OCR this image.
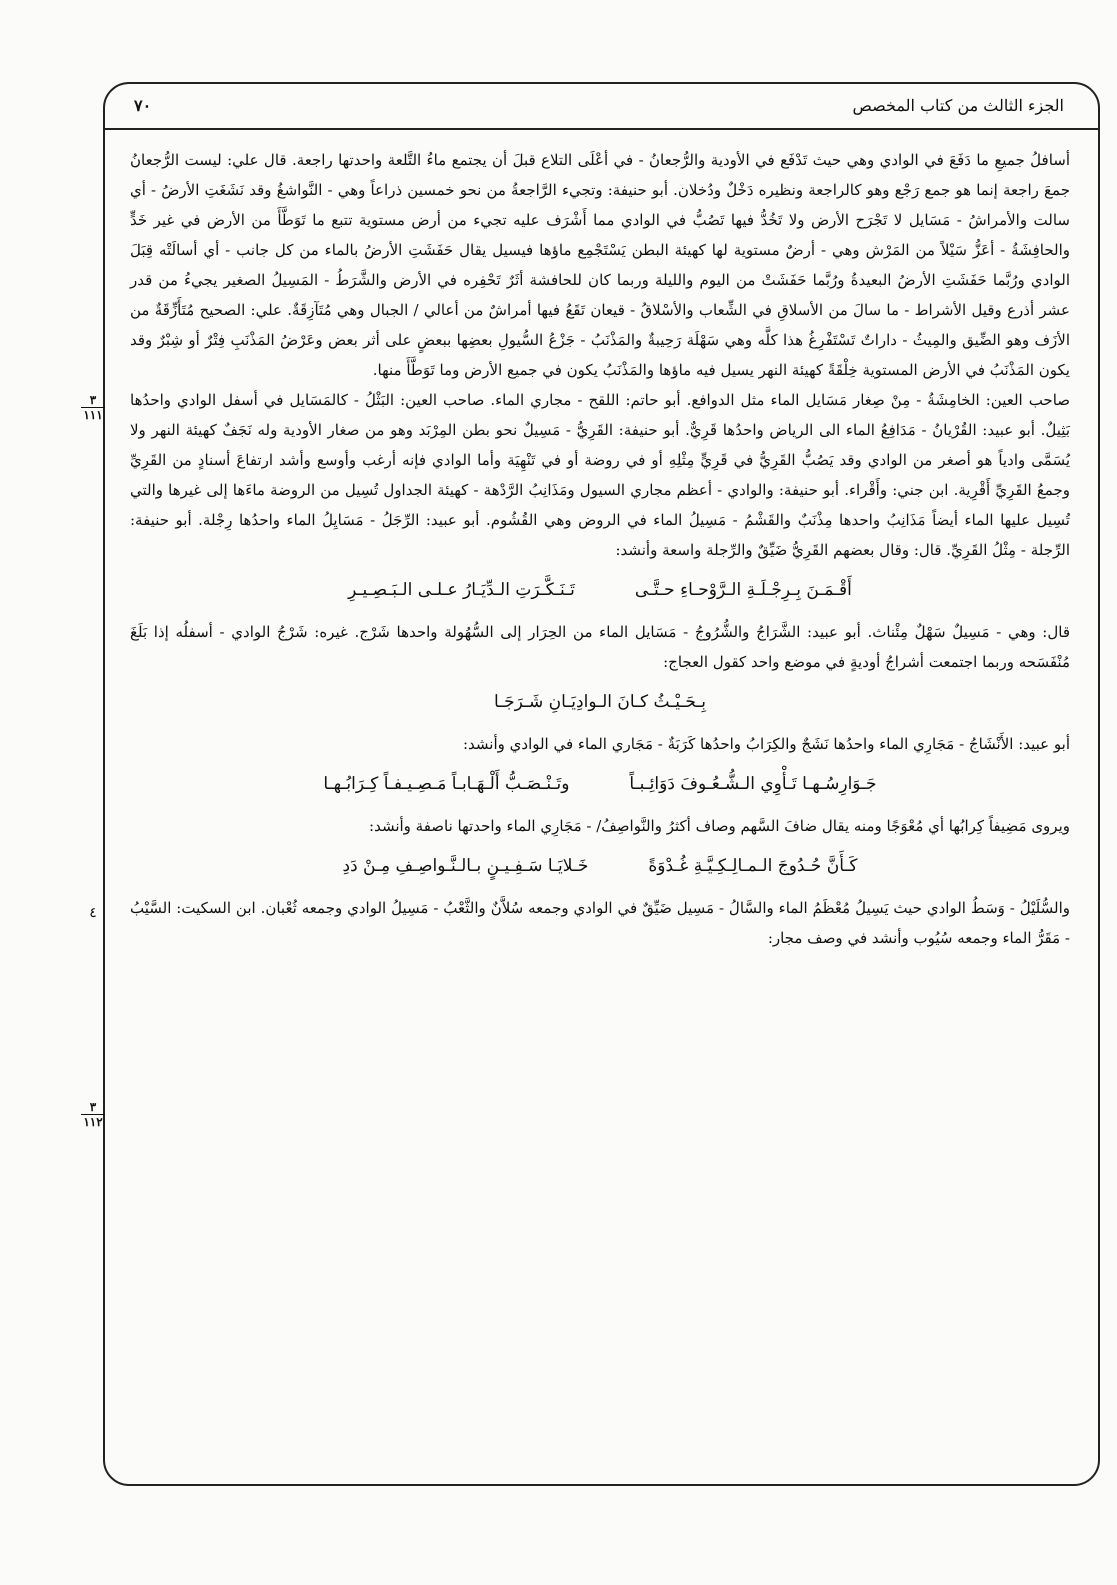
الجزء الثالث من كتاب المخصص
٧٠
٣
١١١
٤
٣
١١٢

أسافلُ جميعِ ما دَفَعَ في الوادي وهي حيث تَدْفَع في الأودية والرُّجعانُ - في أعْلَى التلاع قبلَ أن يجتمع ماءُ التَّلعة واحدتها راجعة. قال علي: ليست الرُّجعانُ جمعَ راجعة إنما هو جمع رَجْع وهو كالراجعة ونظيره دَخْلٌ ودُخلان. أبو حنيفة: وتجيء الرَّاجعةُ من نحو خمسين ذراعاً وهي - النَّواشغُ وقد نَشَغَتِ الأرضُ - أي سالت والأمراشُ - مَسَايل لا تَجْرَح الأرض ولا تَخُدُّ فيها تَصُبُّ في الوادي مما أَشْرَف عليه تجيء من أرض مستوية تتبع ما تَوَطَّأَ من الأرض في غير خَدٍّ والحافِشَةُ - أعَزُّ سَيْلاً من المَرْش وهي - أرضٌ مستوية لها كهيئة البطن يَسْتَجْمِع ماؤها فيسيل يقال حَفَشَتِ الأرضُ بالماء من كل جانب - أي أسالَتْه قِبَلَ الوادي ورُبَّما حَفَشَتِ الأرضُ البعيدةُ ورُبَّما حَفَشَتْ من اليوم والليلة وربما كان للحافشة أثَرٌ تَحْفِره في الأرض والشَّرَطُ - المَسِيلُ الصغير يجيءُ من قدر عشر أذرع وقيل الأشراط - ما سالَ من الأسلاقِ في الشِّعاب والأسْلاقُ - قيعان تَقَعُ فيها أمراشٌ من أعالي / الجبال وهي مُتَآزِقَةٌ. علي: الصحيح مُتَأَزِّقَةٌ من الأزَف وهو الضِّيق والمِيثُ - داراتٌ تَسْتَفْرِغُ هذا كلَّه وهي سَهْلَة رَحِيبةٌ والمَذْنَبُ - جَزْعُ السُّيولِ بعضِها ببعضٍ على أثر بعض وعَرْضُ المَذْنَبِ فِتْرٌ أو شِبْرٌ وقد يكون المَذْنَبُ في الأرض المستوية خِلْقَةً كهيئة النهر يسيل فيه ماؤها والمَذْنَبُ يكون في جميع الأرض وما تَوَطَّأَ منها.

صاحب العين: الخامِشَةُ - مِنْ صِغار مَسَايل الماء مثل الدوافع. أبو حاتم: اللقح - مجاري الماء. صاحب العين: البَثْلُ - كالمَسَايل في أسفل الوادي واحدُها بَثِيلٌ. أبو عبيد: القُرْيانُ - مَدَافِعُ الماء الى الرياض واحدُها قَرِيٌّ. أبو حنيفة: القَرِيُّ - مَسِيلٌ نحو بطن المِرْبَد وهو من صغار الأودية وله نَجَفٌ كهيئة النهر ولا يُسَمَّى وادياً هو أصغر من الوادي وقد يَصُبُّ القَرِيُّ في قَرِيٍّ مِثْلِهِ أو في روضة أو في تَنْهِيَة وأما الوادي فإنه أرغب وأوسع وأشد ارتفاعَ أسنادٍ من القَرِيِّ وجمعُ القَرِيِّ أَقْرِية. ابن جني: وأَقْراء. أبو حنيفة: والوادي - أعظم مجاري السيول ومَذَانِبُ الرَّدْهة - كهيئة الجداول تُسِيل من الروضة ماءَها إلى غيرها والتي تُسِيل عليها الماء أيضاً مَذَانِبُ واحدها مِذْنَبٌ والقَشْمُ - مَسِيلُ الماء في الروض وهي القُشُوم. أبو عبيد: الرِّجَلُ - مَسَايِلُ الماء واحدُها رِجْلة. أبو حنيفة: الرِّجلة - مِثْلُ القَرِيِّ. قال: وقال بعضهم القَرِيُّ ضَيِّقٌ والرِّجلة واسعة وأنشد:

أَقْـمَـنَ بِـرِجْـلَـةِ الـرَّوْحـاءِ حـتَّـىتَـنَـكَّـرَتِ الـدِّيَـارُ عـلـى الـبَـصِـيـرِ

قال: وهي - مَسِيلٌ سَهْلٌ مِئْناث. أبو عبيد: الشَّرَاجُ والشُّرُوجُ - مَسَايل الماء من الحِرَار إلى السُّهُولة واحدها شَرْج. غيره: شَرْجُ الوادي - أسفلُه إذا بَلَغَ مُنْفَسَحه وربما اجتمعت أشراجُ أوديةٍ في موضع واحد كقول العجاج:

بِـحَـيْـثُ كـانَ الـوادِيَـانِ شَـرَجَـا

أبو عبيد: الأَنْشَاجُ - مَجَارِي الماء واحدُها نَشَجٌ والكِرَابُ واحدُها كَرَبَةٌ - مَجَاري الماء في الوادي وأنشد:

جَـوَارِسُـهـا تَـأْوِي الـشُّـعُـوفَ دَوَائِـبـاًوتَـنْـصَـبُّ أَلْـهَـابـاً مَـصِـيـفـاً كِـرَابُـهـا

ويروى مَضِيفاً كِرابُها أي مُعْوَجًا ومنه يقال ضافَ السَّهم وصاف أكثرُ والنَّواصِفُ/ - مَجَارِي الماء واحدتها ناصفة وأنشد:

كَـأَنَّ حُـدُوجَ الـمـالِـكِـيَّـةِ غُـدْوَةًخَـلايَـا سَـفِـيـنٍ بـالـنَّـواصِـفِ مِـنْ دَدِ

والسُّلَيْلُ - وَسَطُ الوادي حيث يَسِيلُ مُعْظَمُ الماء والسَّالُ - مَسِيل ضَيِّقٌ في الوادي وجمعه سُلاَّنٌ والثَّعْبُ - مَسِيلُ الوادي وجمعه ثُعْبان. ابن السكيت: السَّيْبُ - مَقَرُّ الماء وجمعه سُيُوب وأنشد في وصف مجار:
